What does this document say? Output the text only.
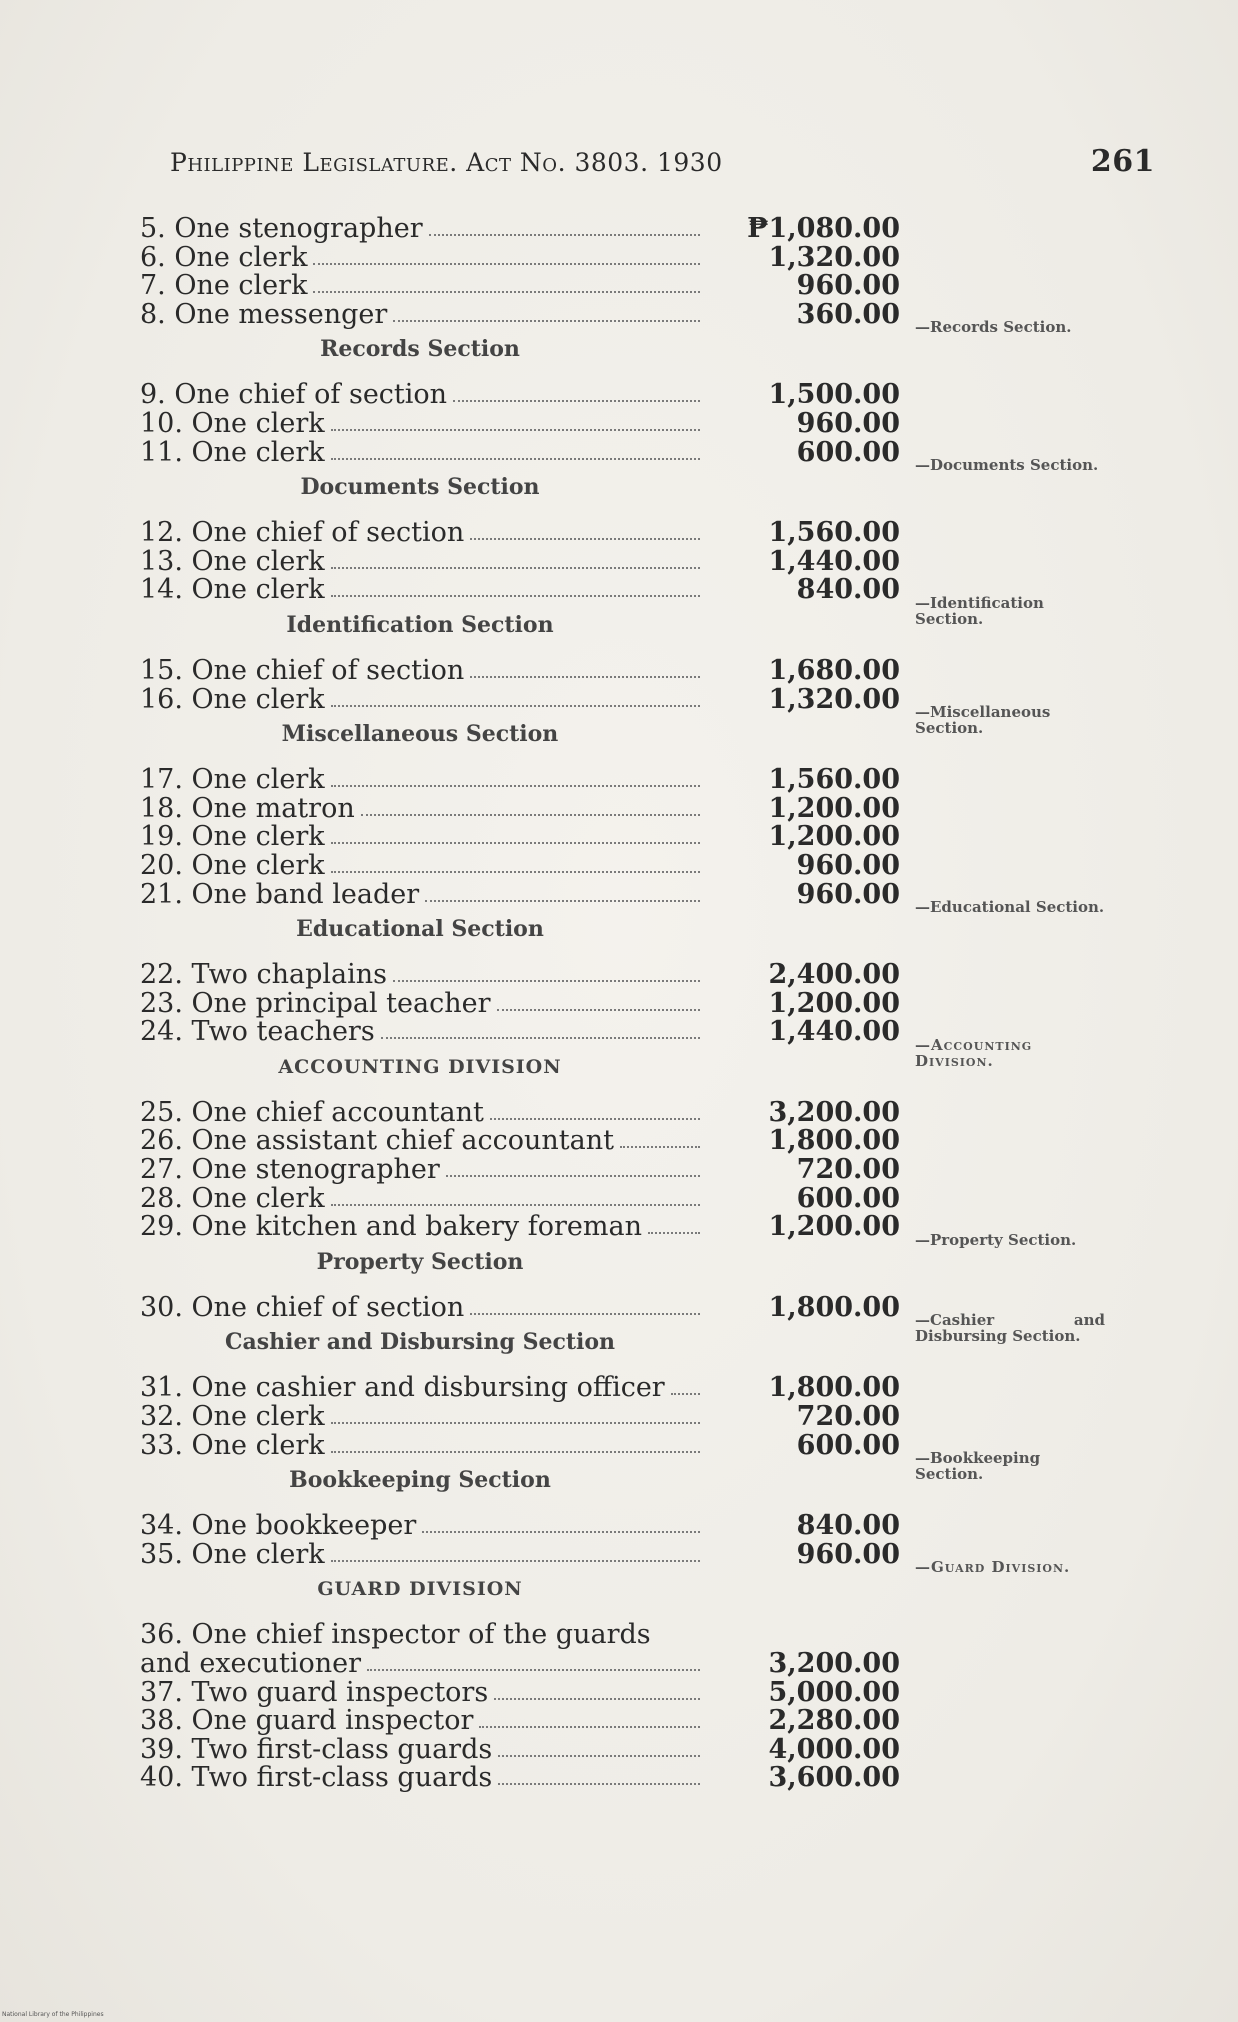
Philippine Legislature. Act No. 3803. 1930	261
5. One stenographer	₱1,080.00
6. One clerk	1,320.00
7. One clerk	960.00
8. One messenger	360.00
Records Section
—Records Section.
9. One chief of section	1,500.00
10. One clerk	960.00
11. One clerk	600.00
Documents Section
—Documents Section.
12. One chief of section	1,560.00
13. One clerk	1,440.00
14. One clerk	840.00
Identification Section
—Identification Section.
15. One chief of section	1,680.00
16. One clerk	1,320.00
Miscellaneous Section
—Miscellaneous Section.
17. One clerk	1,560.00
18. One matron	1,200.00
19. One clerk	1,200.00
20. One clerk	960.00
21. One band leader	960.00
Educational Section
—Educational Section.
22. Two chaplains	2,400.00
23. One principal teacher	1,200.00
24. Two teachers	1,440.00
ACCOUNTING DIVISION
—Accounting Division.
25. One chief accountant	3,200.00
26. One assistant chief accountant	1,800.00
27. One stenographer	720.00
28. One clerk	600.00
29. One kitchen and bakery foreman	1,200.00
Property Section
—Property Section.
30. One chief of section	1,800.00
Cashier and Disbursing Section
—Cashier and Disbursing Section.
31. One cashier and disbursing officer	1,800.00
32. One clerk	720.00
33. One clerk	600.00
Bookkeeping Section
—Bookkeeping Section.
34. One bookkeeper	840.00
35. One clerk	960.00
GUARD DIVISION
—Guard Division.
36. One chief inspector of the guards
and executioner	3,200.00
37. Two guard inspectors	5,000.00
38. One guard inspector	2,280.00
39. Two first-class guards	4,000.00
40. Two first-class guards	3,600.00
National Library of the Philippines
